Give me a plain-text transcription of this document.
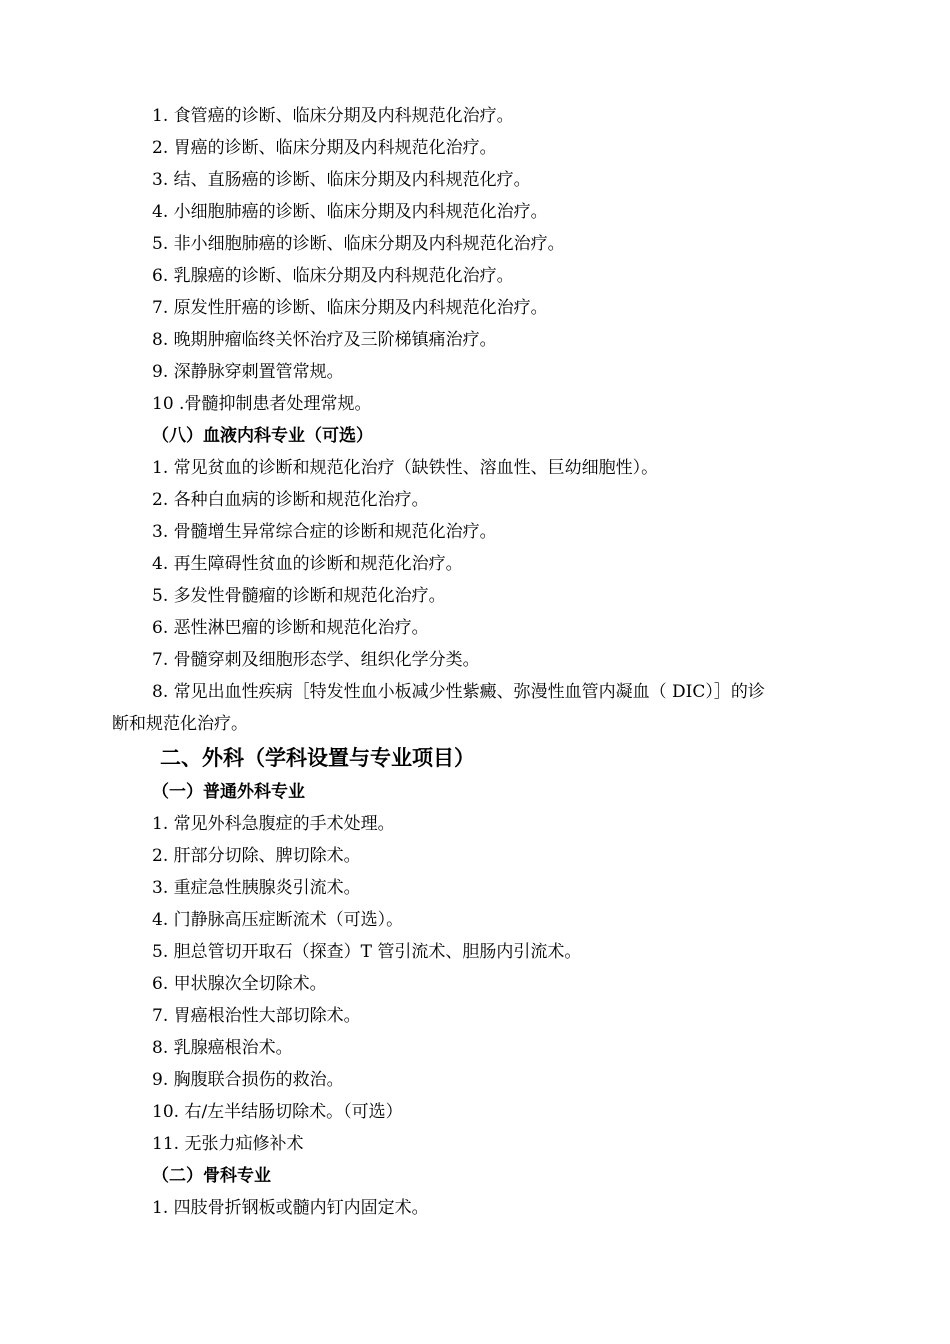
1. 食管癌的诊断、临床分期及内科规范化治疗。
2. 胃癌的诊断、临床分期及内科规范化治疗。
3. 结、直肠癌的诊断、临床分期及内科规范化疗。
4. 小细胞肺癌的诊断、临床分期及内科规范化治疗。
5. 非小细胞肺癌的诊断、临床分期及内科规范化治疗。
6. 乳腺癌的诊断、临床分期及内科规范化治疗。
7. 原发性肝癌的诊断、临床分期及内科规范化治疗。
8. 晚期肿瘤临终关怀治疗及三阶梯镇痛治疗。
9. 深静脉穿刺置管常规。
10 .骨髓抑制患者处理常规。
（八）血液内科专业（可选）
1. 常见贫血的诊断和规范化治疗（缺铁性、溶血性、巨幼细胞性）。
2. 各种白血病的诊断和规范化治疗。
3. 骨髓增生异常综合症的诊断和规范化治疗。
4. 再生障碍性贫血的诊断和规范化治疗。
5. 多发性骨髓瘤的诊断和规范化治疗。
6. 恶性淋巴瘤的诊断和规范化治疗。
7. 骨髓穿刺及细胞形态学、组织化学分类。
8. 常见出血性疾病［特发性血小板减少性紫癜、弥漫性血管内凝血（ DIC）］的诊
断和规范化治疗。
二、外科（学科设置与专业项目）
（一）普通外科专业
1. 常见外科急腹症的手术处理。
2. 肝部分切除、脾切除术。
3. 重症急性胰腺炎引流术。
4. 门静脉高压症断流术（可选）。
5. 胆总管切开取石（探查）T 管引流术、胆肠内引流术。
6. 甲状腺次全切除术。
7. 胃癌根治性大部切除术。
8. 乳腺癌根治术。
9. 胸腹联合损伤的救治。
10. 右/左半结肠切除术。（可选）
11. 无张力疝修补术
（二）骨科专业
1. 四肢骨折钢板或髓内钉内固定术。
